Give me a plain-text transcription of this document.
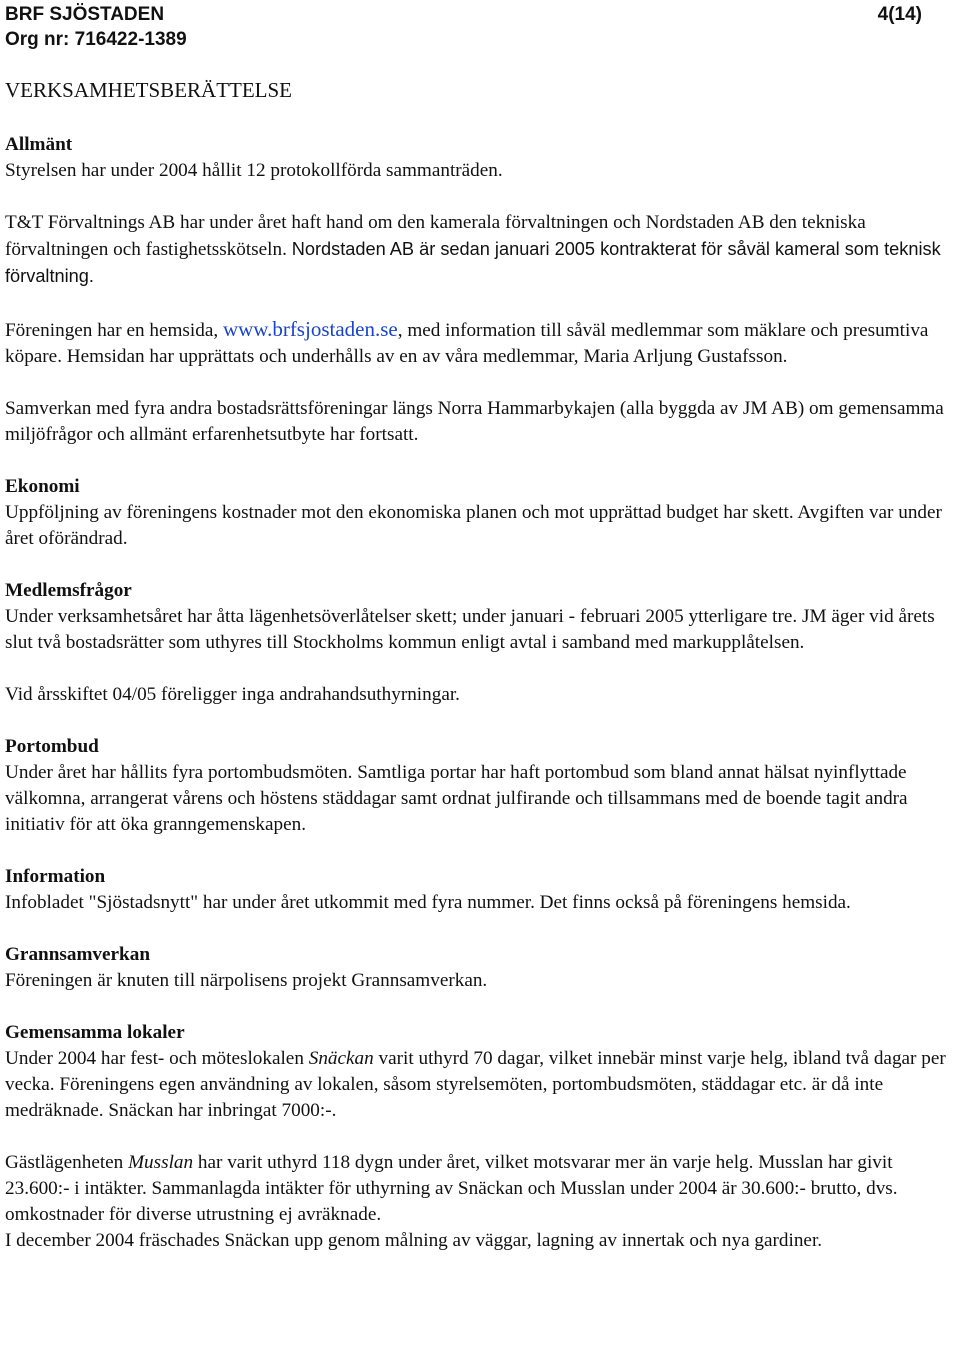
BRF SJÖSTADEN
Org nr: 716422-1389
4(14)
VERKSAMHETSBERÄTTELSE

Allmänt

Styrelsen har under 2004 hållit 12 protokollförda sammanträden.

T&T Förvaltnings AB har under året haft hand om den kamerala förvaltningen och Nordstaden AB den tekniska förvaltningen och fastighetsskötseln. Nordstaden AB är sedan januari 2005 kontrakterat för såväl kameral som teknisk förvaltning.

Föreningen har en hemsida, www.brfsjostaden.se, med information till såväl medlemmar som mäklare och presumtiva köpare. Hemsidan har upprättats och underhålls av en av våra medlemmar, Maria Arljung Gustafsson.

Samverkan med fyra andra bostadsrättsföreningar längs Norra Hammarbykajen (alla byggda av JM AB) om gemensamma miljöfrågor och allmänt erfarenhetsutbyte har fortsatt.

Ekonomi

Uppföljning av föreningens kostnader mot den ekonomiska planen och mot upprättad budget har skett. Avgiften var under året oförändrad.

Medlemsfrågor

Under verksamhetsåret har åtta lägenhetsöverlåtelser skett; under januari - februari 2005 ytterligare tre. JM äger vid årets slut två bostadsrätter som uthyres till Stockholms kommun enligt avtal i samband med markupplåtelsen.

Vid årsskiftet 04/05 föreligger inga andrahandsuthyrningar.

Portombud

Under året har hållits fyra portombudsmöten. Samtliga portar har haft portombud som bland annat hälsat nyinflyttade välkomna, arrangerat vårens och höstens städdagar samt ordnat julfirande och tillsammans med de boende tagit andra initiativ för att öka granngemenskapen.

Information

Infobladet "Sjöstadsnytt" har under året utkommit med fyra nummer. Det finns också på föreningens hemsida.

Grannsamverkan

Föreningen är knuten till närpolisens projekt Grannsamverkan.

Gemensamma lokaler

Under 2004 har fest- och möteslokalen Snäckan varit uthyrd 70 dagar, vilket innebär minst varje helg, ibland två dagar per vecka. Föreningens egen användning av lokalen, såsom styrelsemöten, portombudsmöten, städdagar etc. är då inte medräknade. Snäckan har inbringat 7000:-.

Gästlägenheten Musslan har varit uthyrd 118 dygn under året, vilket motsvarar mer än varje helg. Musslan har givit 23.600:- i intäkter. Sammanlagda intäkter för uthyrning av Snäckan och Musslan under 2004 är 30.600:- brutto, dvs. omkostnader för diverse utrustning ej avräknade.

I december 2004 fräschades Snäckan upp genom målning av väggar, lagning av innertak och nya gardiner.
